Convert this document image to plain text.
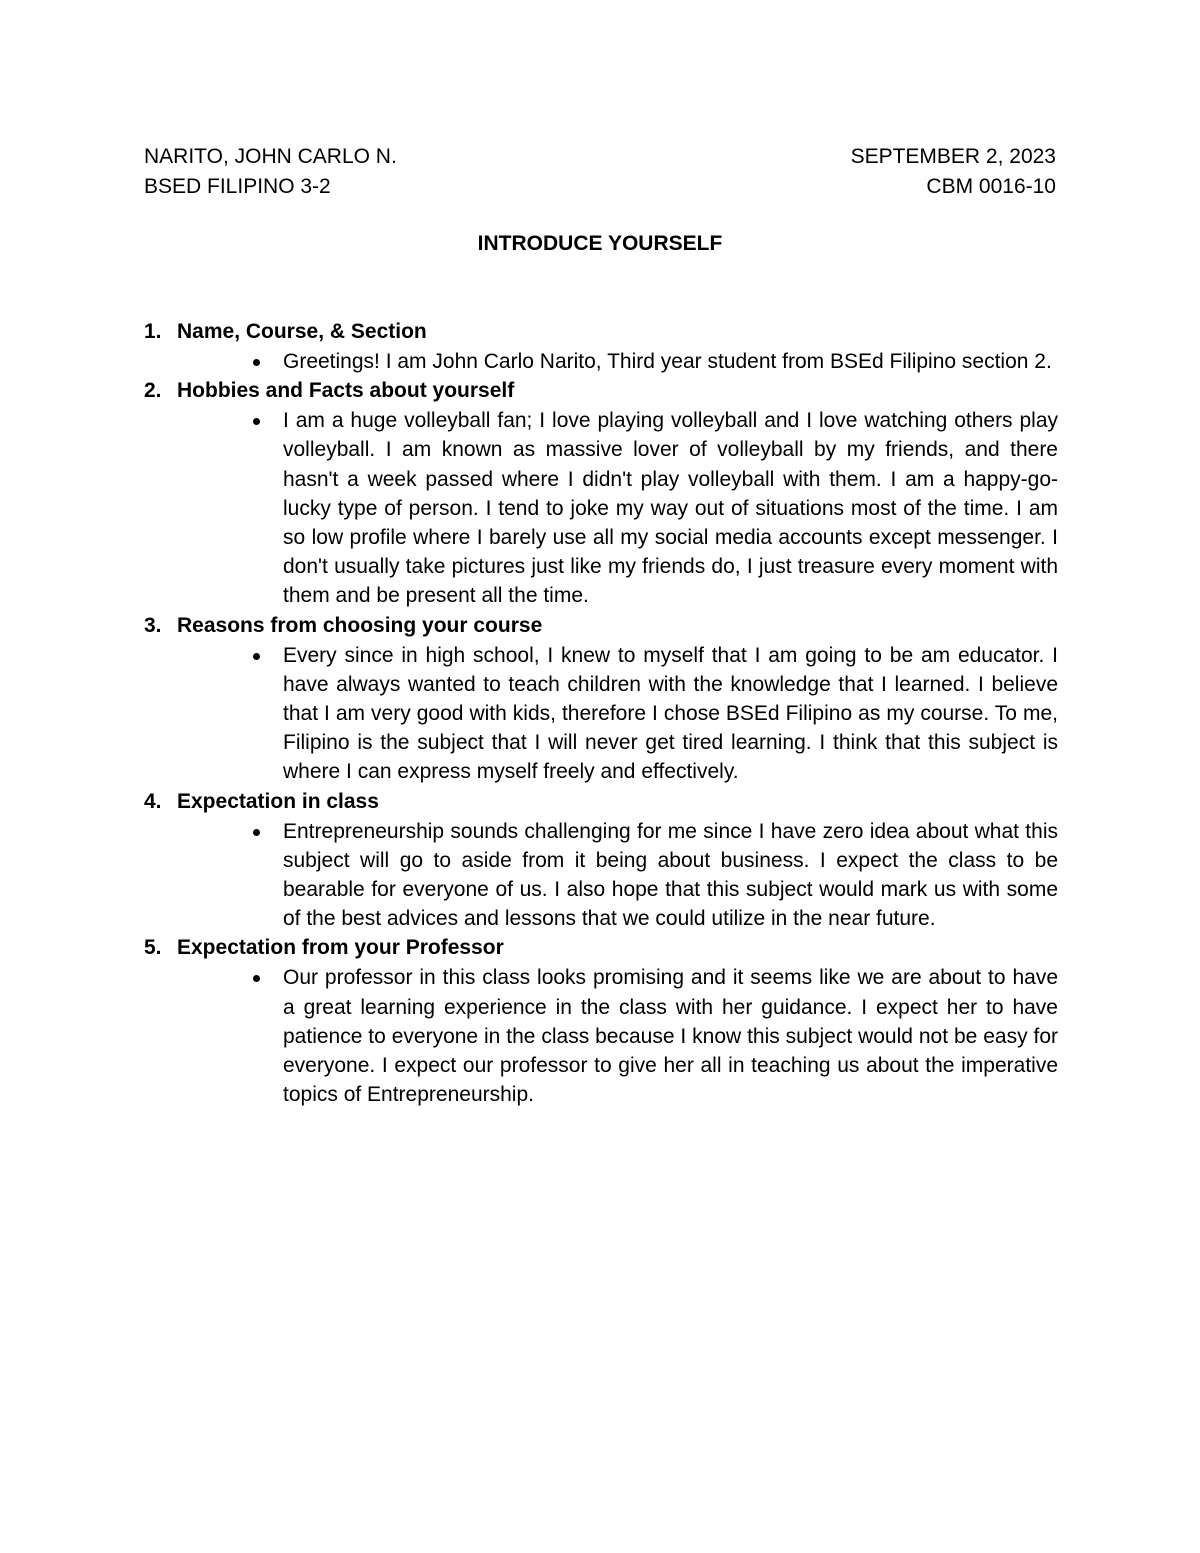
NARITO, JOHN CARLO N.	SEPTEMBER 2, 2023
BSED FILIPINO 3-2	CBM 0016-10
INTRODUCE YOURSELF
1. Name, Course, & Section
Greetings! I am John Carlo Narito, Third year student from BSEd Filipino section 2.
2. Hobbies and Facts about yourself
I am a huge volleyball fan; I love playing volleyball and I love watching others play volleyball. I am known as massive lover of volleyball by my friends, and there hasn't a week passed where I didn't play volleyball with them. I am a happy-go-lucky type of person. I tend to joke my way out of situations most of the time. I am so low profile where I barely use all my social media accounts except messenger. I don't usually take pictures just like my friends do, I just treasure every moment with them and be present all the time.
3. Reasons from choosing your course
Every since in high school, I knew to myself that I am going to be am educator. I have always wanted to teach children with the knowledge that I learned. I believe that I am very good with kids, therefore I chose BSEd Filipino as my course. To me, Filipino is the subject that I will never get tired learning. I think that this subject is where I can express myself freely and effectively.
4. Expectation in class
Entrepreneurship sounds challenging for me since I have zero idea about what this subject will go to aside from it being about business. I expect the class to be bearable for everyone of us. I also hope that this subject would mark us with some of the best advices and lessons that we could utilize in the near future.
5. Expectation from your Professor
Our professor in this class looks promising and it seems like we are about to have a great learning experience in the class with her guidance. I expect her to have patience to everyone in the class because I know this subject would not be easy for everyone. I expect our professor to give her all in teaching us about the imperative topics of Entrepreneurship.
